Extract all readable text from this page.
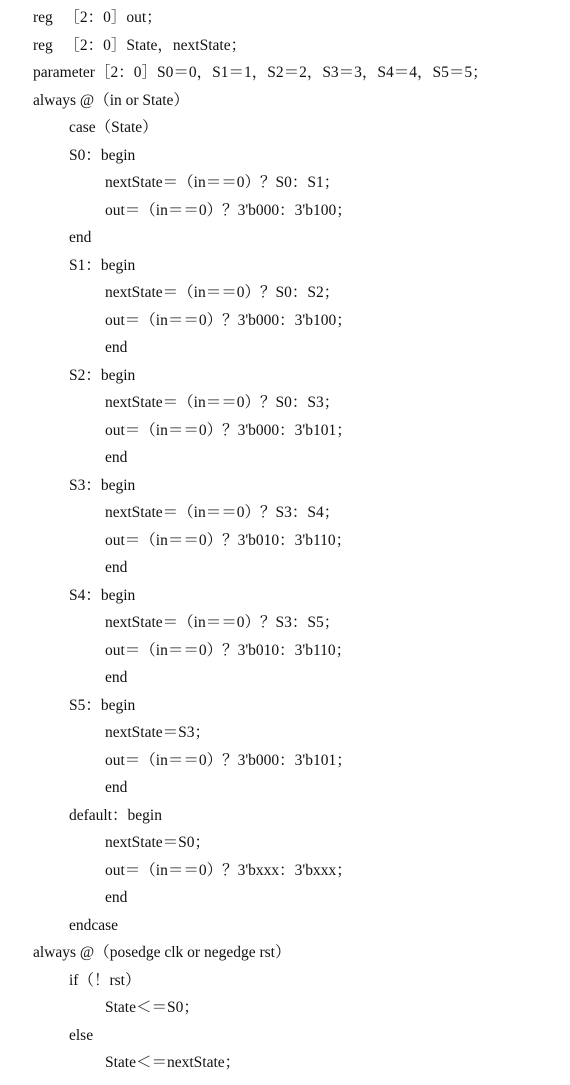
reg   ［2：0］out；
reg   ［2：0］State，nextState；
parameter［2：0］S0＝0，S1＝1，S2＝2，S3＝3，S4＝4，S5＝5；
always @（in or State）
case（State）
S0：begin
nextState＝（in＝＝0）？S0：S1；
out＝（in＝＝0）？3'b000：3'b100；
end
S1：begin
nextState＝（in＝＝0）？S0：S2；
out＝（in＝＝0）？3'b000：3'b100；
end
S2：begin
nextState＝（in＝＝0）？S0：S3；
out＝（in＝＝0）？3'b000：3'b101；
end
S3：begin
nextState＝（in＝＝0）？S3：S4；
out＝（in＝＝0）？3'b010：3'b110；
end
S4：begin
nextState＝（in＝＝0）？S3：S5；
out＝（in＝＝0）？3'b010：3'b110；
end
S5：begin
nextState＝S3；
out＝（in＝＝0）？3'b000：3'b101；
end
default：begin
nextState＝S0；
out＝（in＝＝0）？3'bxxx：3'bxxx；
end
endcase
always @（posedge clk or negedge rst）
if（！rst）
State＜＝S0；
else
State＜＝nextState；
